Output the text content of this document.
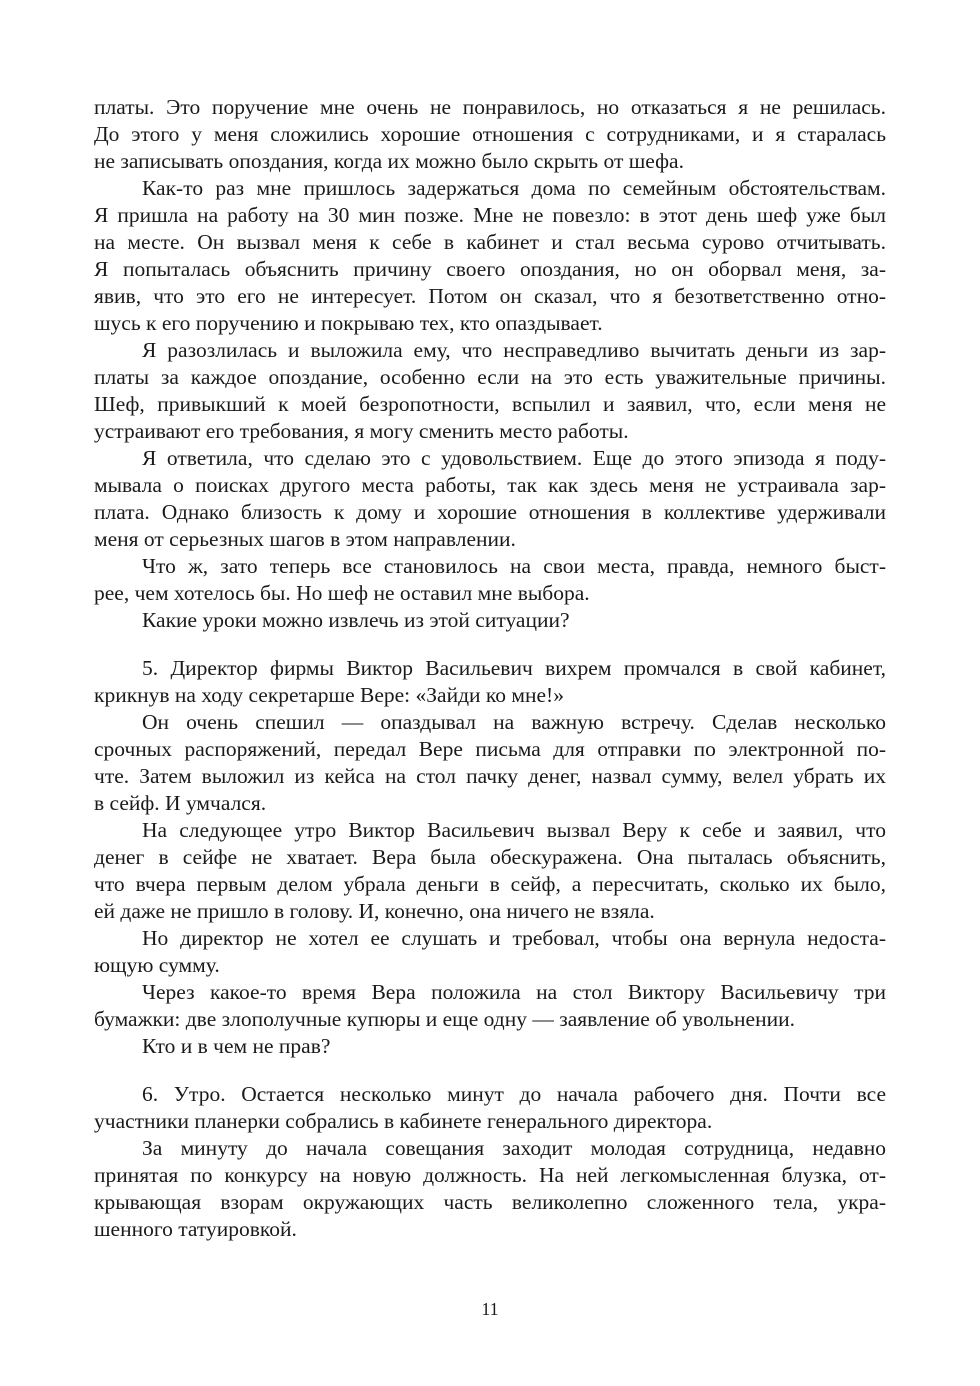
платы. Это поручение мне очень не понравилось, но отказаться я не решилась.
До этого у меня сложились хорошие отношения с сотрудниками, и я старалась
не записывать опоздания, когда их можно было скрыть от шефа.
Как-то раз мне пришлось задержаться дома по семейным обстоятельствам.
Я пришла на работу на 30 мин позже. Мне не повезло: в этот день шеф уже был
на месте. Он вызвал меня к себе в кабинет и стал весьма сурово отчитывать.
Я попыталась объяснить причину своего опоздания, но он оборвал меня, за-
явив, что это его не интересует. Потом он сказал, что я безответственно отно-
шусь к его поручению и покрываю тех, кто опаздывает.
Я разозлилась и выложила ему, что несправедливо вычитать деньги из зар-
платы за каждое опоздание, особенно если на это есть уважительные причины.
Шеф, привыкший к моей безропотности, вспылил и заявил, что, если меня не
устраивают его требования, я могу сменить место работы.
Я ответила, что сделаю это с удовольствием. Еще до этого эпизода я поду-
мывала о поисках другого места работы, так как здесь меня не устраивала зар-
плата. Однако близость к дому и хорошие отношения в коллективе удерживали
меня от серьезных шагов в этом направлении.
Что ж, зато теперь все становилось на свои места, правда, немного быст-
рее, чем хотелось бы. Но шеф не оставил мне выбора.
Какие уроки можно извлечь из этой ситуации?
5. Директор фирмы Виктор Васильевич вихрем промчался в свой кабинет,
крикнув на ходу секретарше Вере: «Зайди ко мне!»
Он очень спешил — опаздывал на важную встречу. Сделав несколько
срочных распоряжений, передал Вере письма для отправки по электронной по-
чте. Затем выложил из кейса на стол пачку денег, назвал сумму, велел убрать их
в сейф. И умчался.
На следующее утро Виктор Васильевич вызвал Веру к себе и заявил, что
денег в сейфе не хватает. Вера была обескуражена. Она пыталась объяснить,
что вчера первым делом убрала деньги в сейф, а пересчитать, сколько их было,
ей даже не пришло в голову. И, конечно, она ничего не взяла.
Но директор не хотел ее слушать и требовал, чтобы она вернула недоста-
ющую сумму.
Через какое-то время Вера положила на стол Виктору Васильевичу три
бумажки: две злополучные купюры и еще одну — заявление об увольнении.
Кто и в чем не прав?
6. Утро. Остается несколько минут до начала рабочего дня. Почти все
участники планерки собрались в кабинете генерального директора.
За минуту до начала совещания заходит молодая сотрудница, недавно
принятая по конкурсу на новую должность. На ней легкомысленная блузка, от-
крывающая взорам окружающих часть великолепно сложенного тела, укра-
шенного татуировкой.
11
